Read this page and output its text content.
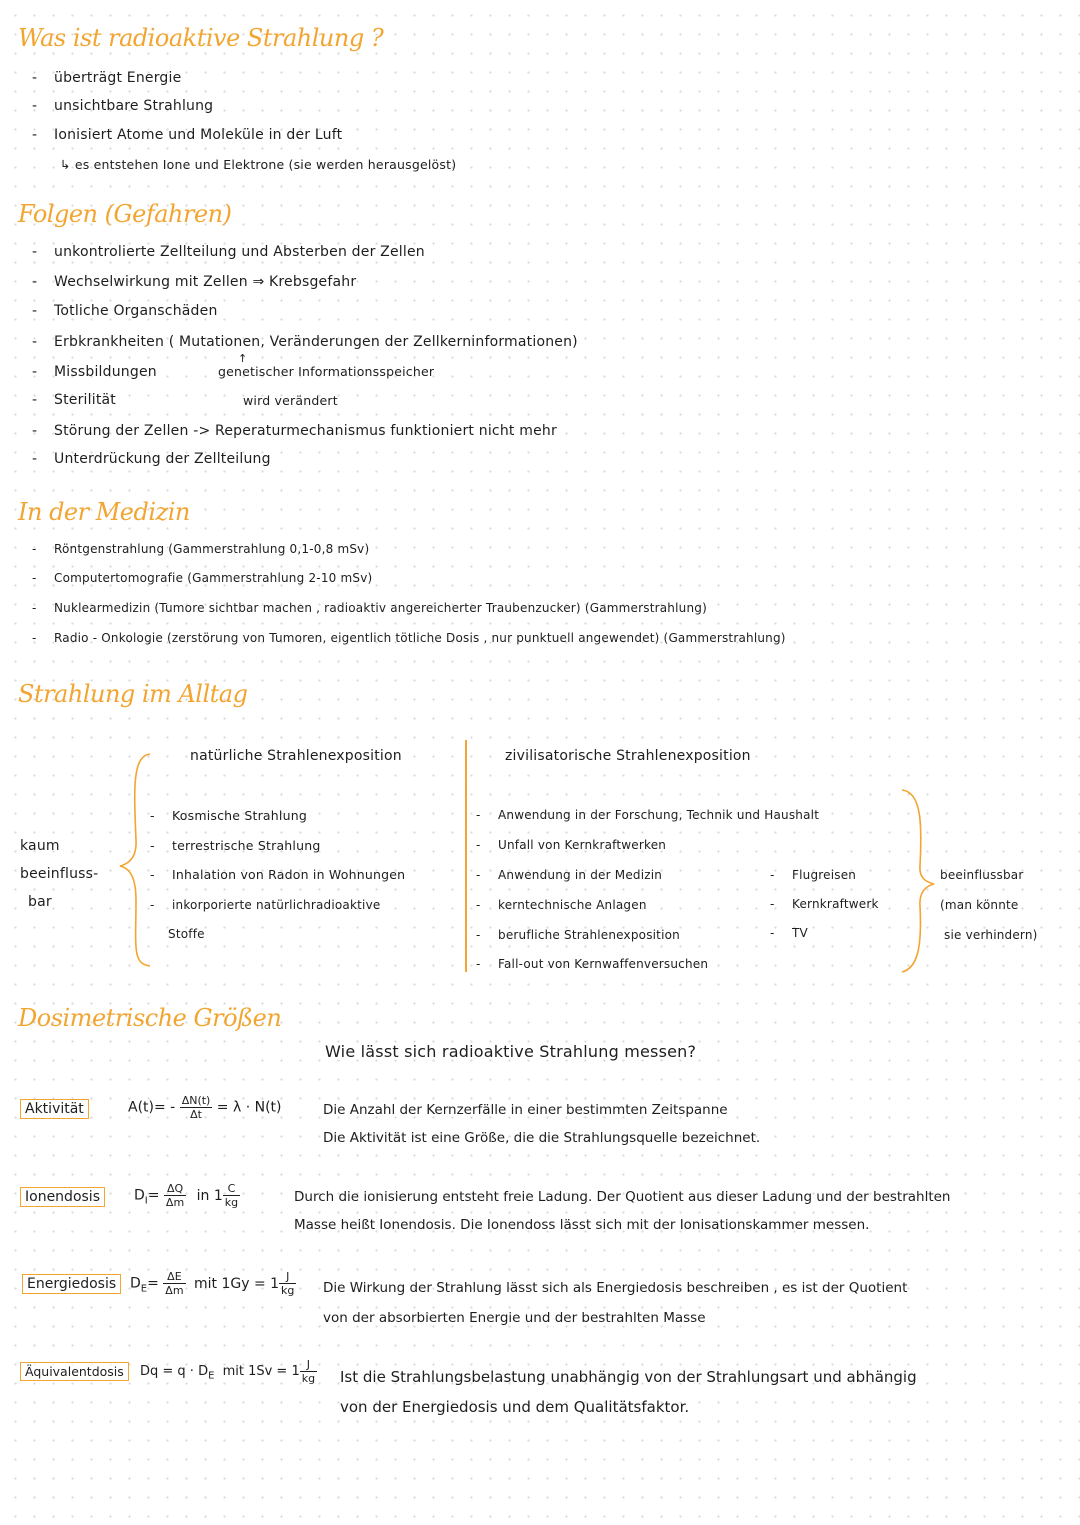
Was ist radioaktive Strahlung ?
- überträgt Energie
- unsichtbare Strahlung
- Ionisiert Atome und Moleküle in der Luft
↳ es entstehen Ione und Elektrone (sie werden herausgelöst)
Folgen (Gefahren)
- unkontrolierte Zellteilung und Absterben der Zellen
- Wechselwirkung mit Zellen ⇒ Krebsgefahr
- Totliche Organschäden
- Erbkrankheiten ( Mutationen, Veränderungen der Zellkerninformationen)
- Missbildungen
- Sterilität
genetischer Informationsspeicher
↑
wird verändert
- Störung der Zellen -> Reperaturmechanismus funktioniert nicht mehr
- Unterdrückung der Zellteilung
In der Medizin
- Röntgenstrahlung (Gammerstrahlung 0,1-0,8 mSv)
- Computertomografie (Gammerstrahlung 2-10 mSv)
- Nuklearmedizin (Tumore sichtbar machen , radioaktiv angereicherter Traubenzucker) (Gammerstrahlung)
- Radio - Onkologie (zerstörung von Tumoren, eigentlich tötliche Dosis , nur punktuell angewendet) (Gammerstrahlung)
Strahlung im Alltag
natürliche Strahlenexposition	zivilisatorische Strahlenexposition
kaum
beeinfluss-
bar
- Kosmische Strahlung
- terrestrische Strahlung
- Inhalation von Radon in Wohnungen
- inkorporierte natürlichradioaktive
Stoffe
- Anwendung in der Forschung, Technik und Haushalt
- Unfall von Kernkraftwerken
- Anwendung in der Medizin
- kerntechnische Anlagen
- berufliche Strahlenexposition
- Fall-out von Kernwaffenversuchen
- Flugreisen
- Kernkraftwerk
- TV
beeinflussbar
(man könnte
sie verhindern)
Dosimetrische Größen
Wie lässt sich radioaktive Strahlung messen?
Aktivität	$A(t)= - \frac{\Delta N(t)}{\Delta t} = \lambda \cdot N(t)$	Die Anzahl der Kernzerfälle in einer bestimmten Zeitspanne
Die Aktivität ist eine Größe, die die Strahlungsquelle bezeichnet.
Ionendosis	$D_I= \frac{\Delta Q}{\Delta m}$ in $1 \frac{C}{kg}$	Durch die ionisierung entsteht freie Ladung. Der Quotient aus dieser Ladung und der bestrahlten
Masse heißt Ionendosis. Die Ionendoss lässt sich mit der Ionisationskammer messen.
Energiedosis $D_E= \frac{\Delta E}{\Delta m}$ mit $1Gy = 1 \frac{J}{kg}$ Die Wirkung der Strahlung lässt sich als Energiedosis beschreiben , es ist der Quotient
von der absorbierten Energie und der bestrahlten Masse
Äquivalentdosis	$Dq = q \cdot D_E$ mit $1Sv = 1 \frac{J}{kg}$ Ist die Strahlungsbelastung unabhängig von der Strahlungsart und abhängig
von der Energiedosis und dem Qualitätsfaktor.
